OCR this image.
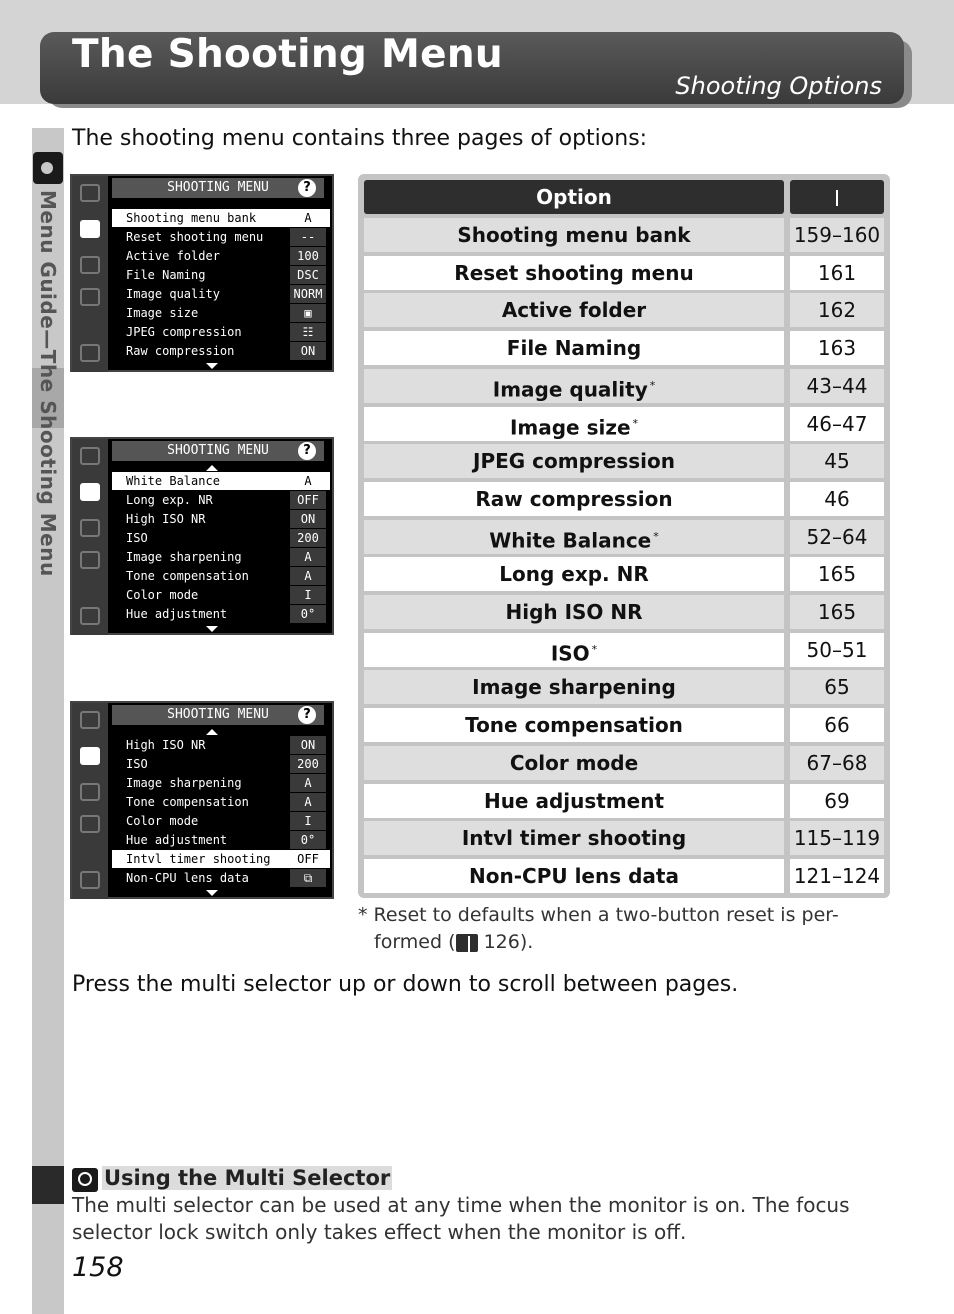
The Shooting Menu
Shooting Options
Menu Guide—The Shooting Menu
The shooting menu contains three pages of options:
SHOOTING MENU	?
Shooting menu bank	A
Reset shooting menu	--
Active folder	100
File Naming	DSC
Image quality	NORM
Image size	▣
JPEG compression	☷
Raw compression	ON
SHOOTING MENU	?
White Balance	A
Long exp. NR	OFF
High ISO NR	ON
ISO	200
Image sharpening	A
Tone compensation	A
Color mode	I
Hue adjustment	0°
SHOOTING MENU	?
High ISO NR	ON
ISO	200
Image sharpening	A
Tone compensation	A
Color mode	I
Hue adjustment	0°
Intvl timer shooting	OFF
Non-CPU lens data	⧉
Option
Shooting menu bank	159–160
Reset shooting menu	161
Active folder	162
File Naming	163
Image quality *	43–44
Image size *	46–47
JPEG compression	45
Raw compression	46
White Balance *	52–64
Long exp. NR	165
High ISO NR	165
ISO *	50–51
Image sharpening	65
Tone compensation	66
Color mode	67–68
Hue adjustment	69
Intvl timer shooting	115–119
Non-CPU lens data	121–124
* Reset to defaults when a two-button reset is per-
formed ( 126).
Press the multi selector up or down to scroll between pages.
Using the Multi Selector
The multi selector can be used at any time when the monitor is on. The focus selector lock switch only takes effect when the monitor is off.
158
